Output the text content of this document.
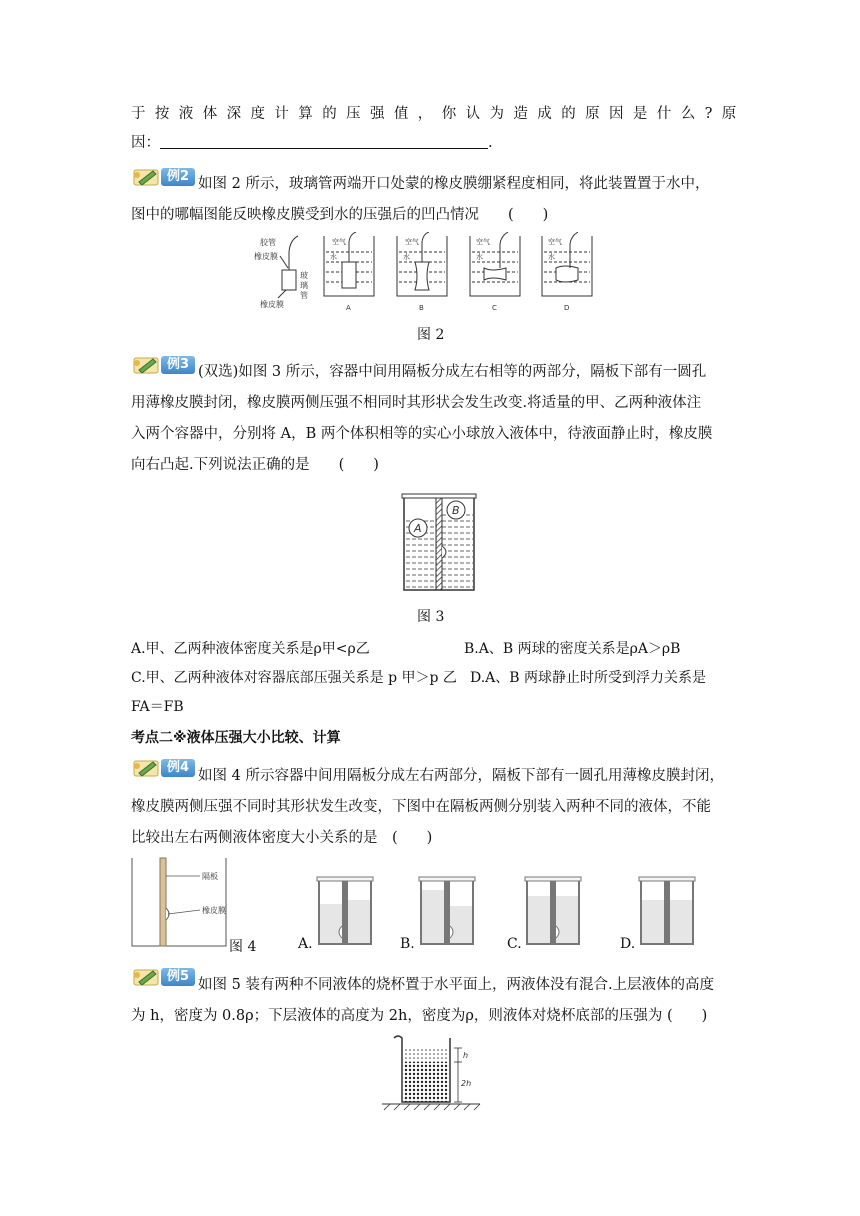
于按液体深度计算的压强值，你认为造成的原因是什么?原
因：	.
例2 如图 2 所示，玻璃管两端开口处蒙的橡皮膜绷紧程度相同，将此装置置于水中，
图中的哪幅图能反映橡皮膜受到水的压强后的凹凸情况　　(　　)
胶管
橡皮膜
玻
璃
管
橡皮膜
空气
水
A
空气
水
B
空气
水
C
空气
水
D
图 2
例3 (双选)如图 3 所示，容器中间用隔板分成左右相等的两部分，隔板下部有一圆孔
用薄橡皮膜封闭，橡皮膜两侧压强不相同时其形状会发生改变.将适量的甲、乙两种液体注
入两个容器中，分别将 A，B 两个体积相等的实心小球放入液体中，待液面静止时，橡皮膜
向右凸起.下列说法正确的是　　(　　)
A
B
图 3
A.甲、乙两种液体密度关系是ρ甲<ρ乙	B.A、B 两球的密度关系是ρA＞ρB
C.甲、乙两种液体对容器底部压强关系是 p 甲＞p 乙 D.A、B 两球静止时所受到浮力关系是
FA＝FB
考点二※液体压强大小比较、计算
例4
如图 4 所示容器中间用隔板分成左右两部分，隔板下部有一圆孔用薄橡皮膜封闭，
橡皮膜两侧压强不同时其形状发生改变，下图中在隔板两侧分别装入两种不同的液体，不能
比较出左右两侧液体密度大小关系的是　(　　)
隔板
橡皮膜
图 4	A.	B.	C.	D.
例5
如图 5 装有两种不同液体的烧杯置于水平面上，两液体没有混合.上层液体的高度
为 h，密度为 0.8ρ；下层液体的高度为 2h，密度为ρ，则液体对烧杯底部的压强为 (　　)
h
2h
